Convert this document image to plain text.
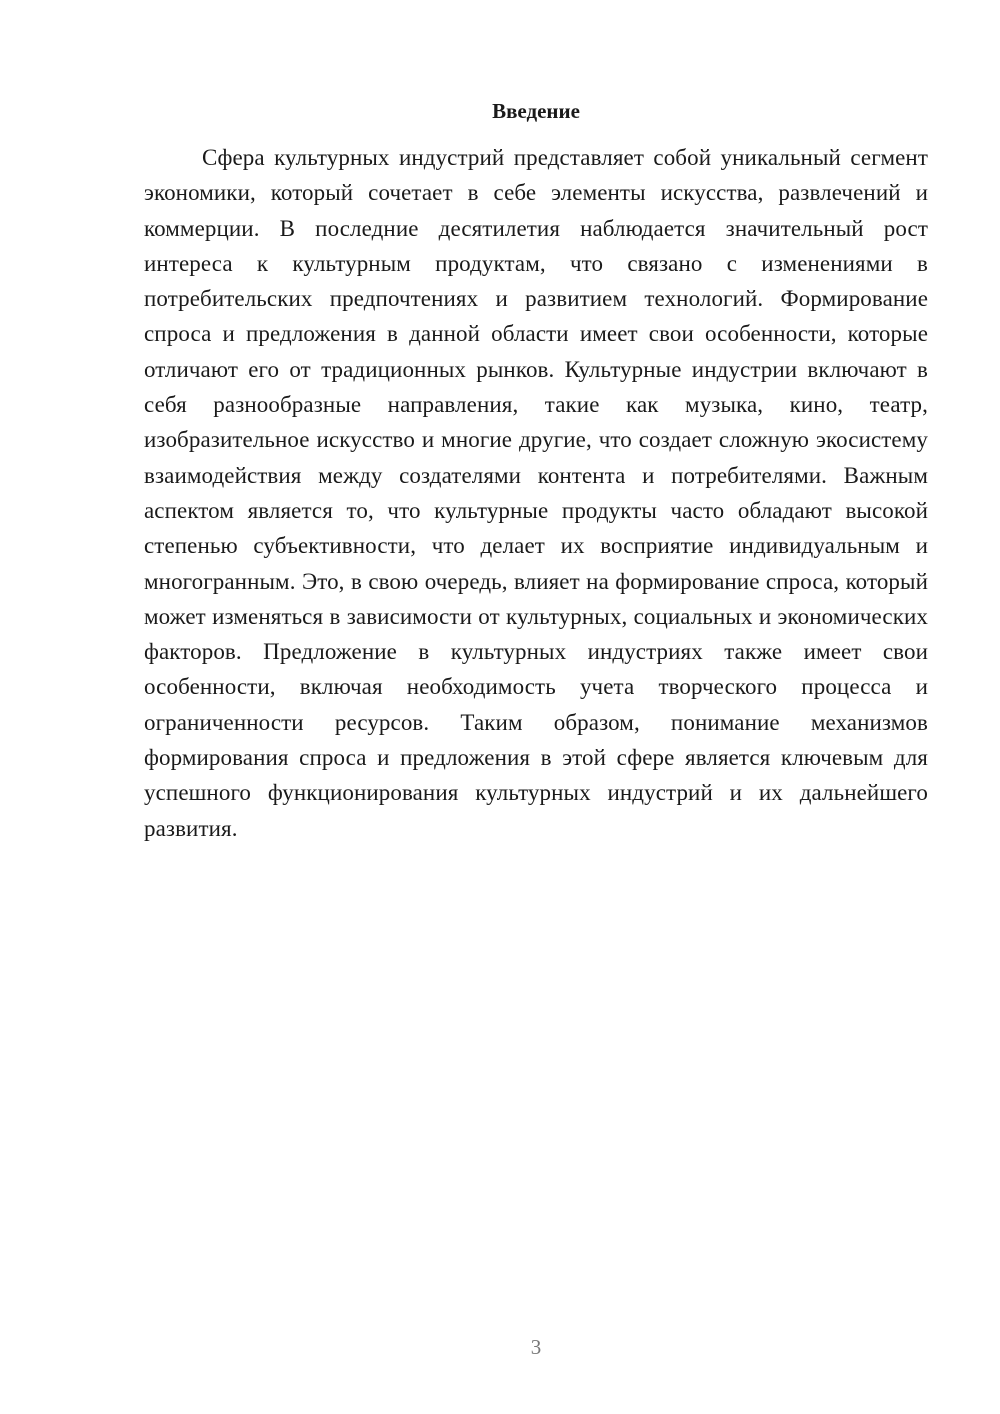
Введение

Сфера культурных индустрий представляет собой уникальный сегмент экономики, который сочетает в себе элементы искусства, развлечений и коммерции. В последние десятилетия наблюдается значительный рост интереса к культурным продуктам, что связано с изменениями в потребительских предпочтениях и развитием технологий. Формирование спроса и предложения в данной области имеет свои особенности, которые отличают его от традиционных рынков. Культурные индустрии включают в себя разнообразные направления, такие как музыка, кино, театр, изобразительное искусство и многие другие, что создает сложную экосистему взаимодействия между создателями контента и потребителями. Важным аспектом является то, что культурные продукты часто обладают высокой степенью субъективности, что делает их восприятие индивидуальным и многогранным. Это, в свою очередь, влияет на формирование спроса, который может изменяться в зависимости от культурных, социальных и экономических факторов. Предложение в культурных индустриях также имеет свои особенности, включая необходимость учета творческого процесса и ограниченности ресурсов. Таким образом, понимание механизмов формирования спроса и предложения в этой сфере является ключевым для успешного функционирования культурных индустрий и их дальнейшего развития.

3
